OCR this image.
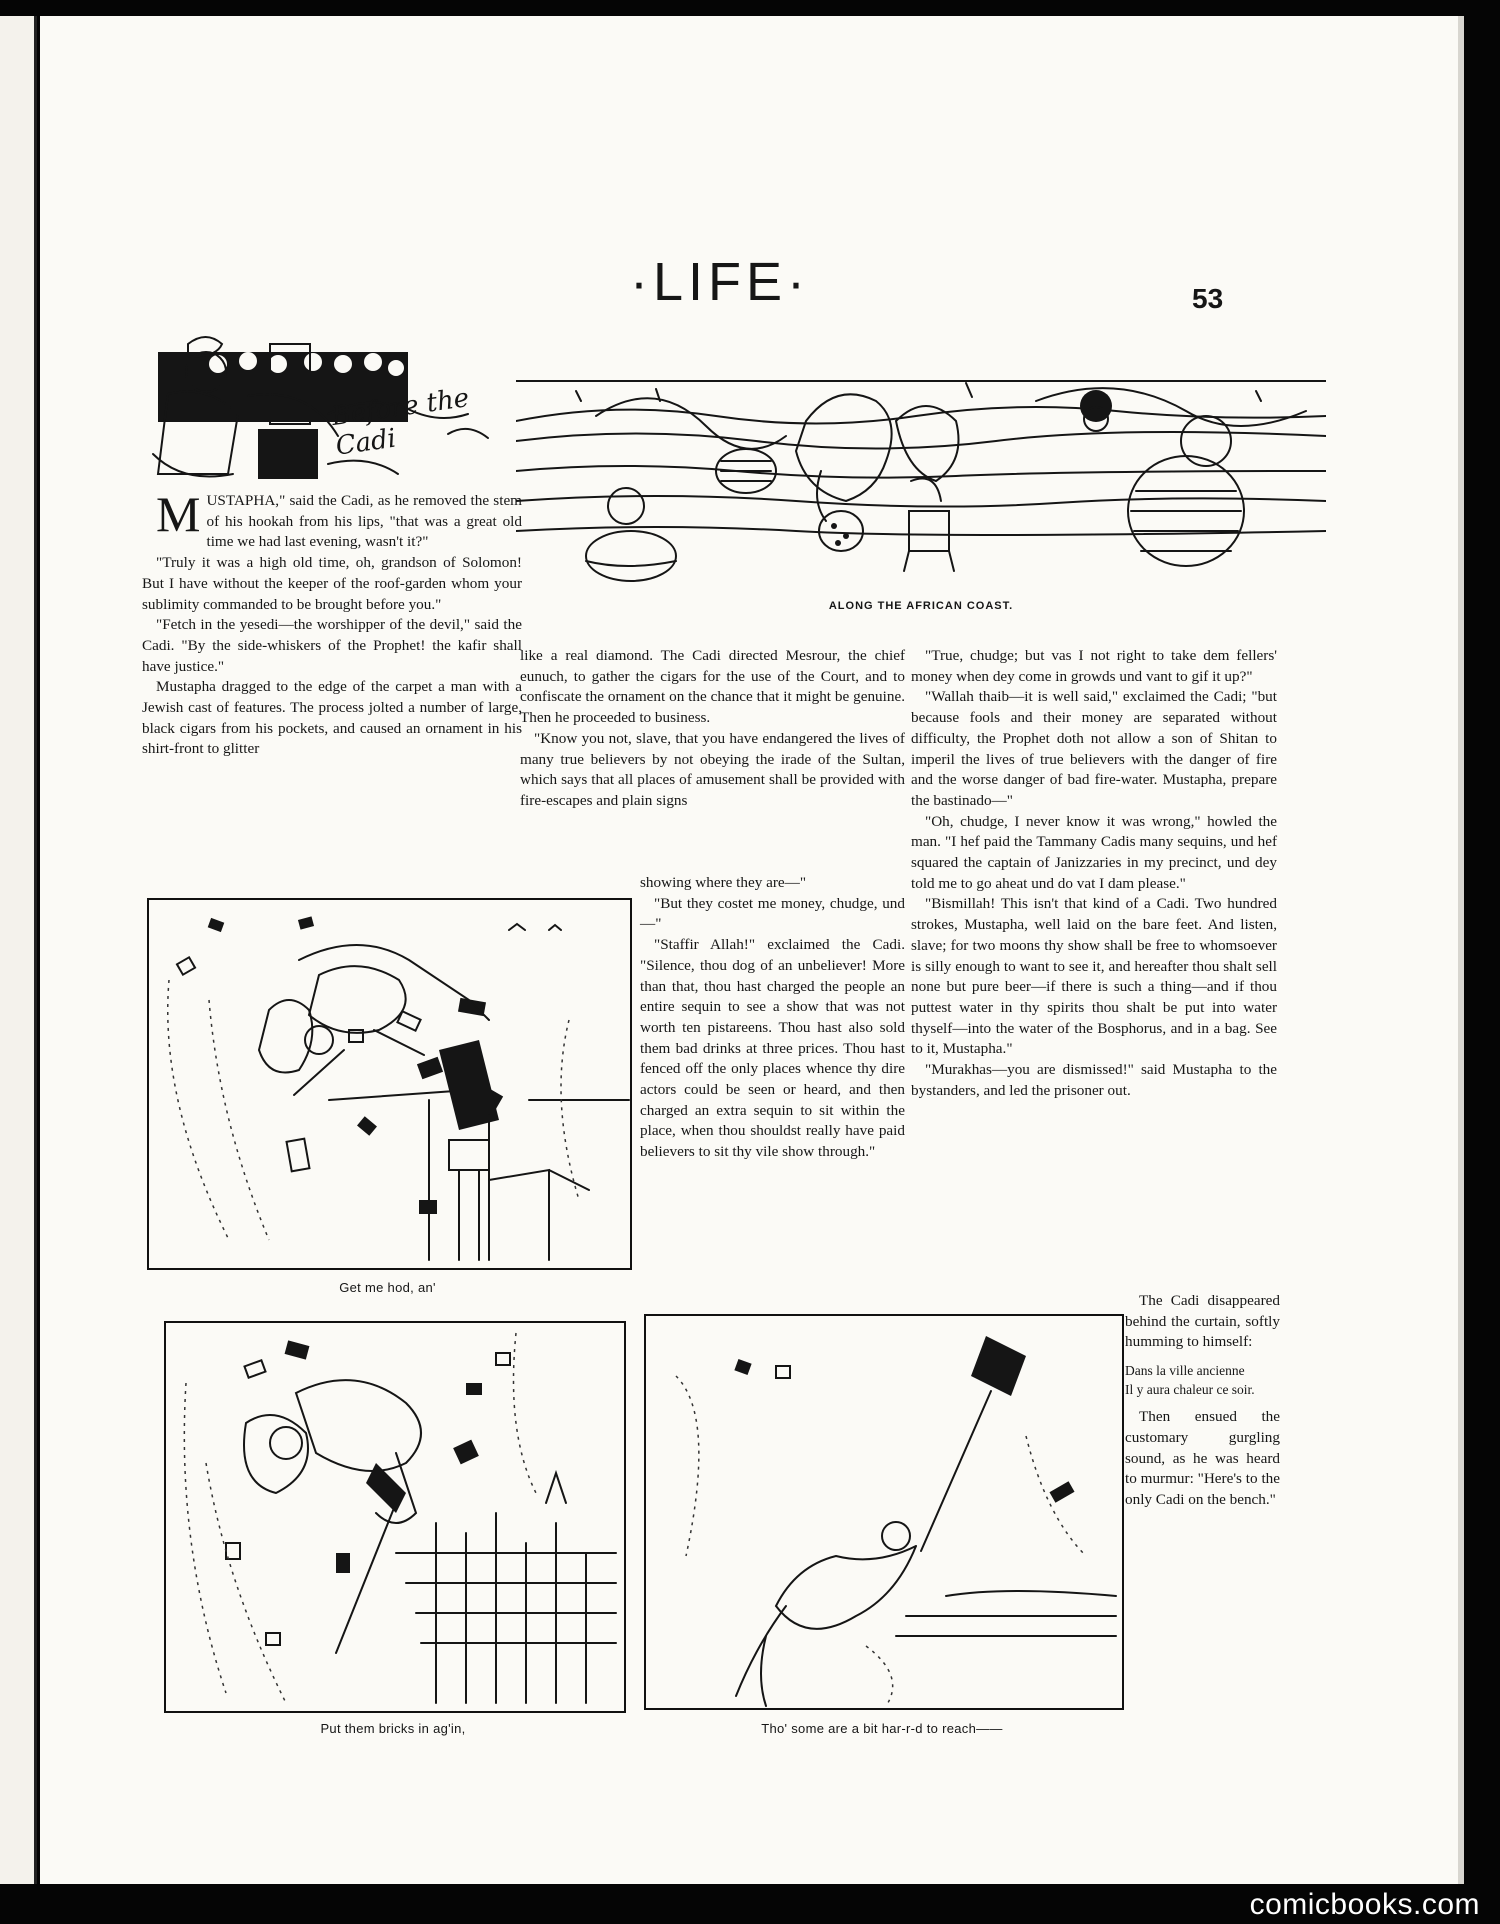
·LIFE·	53
Before the Cadi
M USTAPHA," said the Cadi, as he removed the stem of his hookah from his lips, "that was a great old time we had last evening, wasn't it?"

"Truly it was a high old time, oh, grandson of Solomon! But I have without the keeper of the roof-garden whom your sublimity commanded to be brought before you."

"Fetch in the yesedi—the worshipper of the devil," said the Cadi. "By the side-whiskers of the Prophet! the kafir shall have justice."

Mustapha dragged to the edge of the carpet a man with a Jewish cast of features. The process jolted a number of large, black cigars from his pockets, and caused an ornament in his shirt-front to glitter

ALONG THE AFRICAN COAST.

like a real diamond. The Cadi directed Mesrour, the chief eunuch, to gather the cigars for the use of the Court, and to confiscate the ornament on the chance that it might be genuine. Then he proceeded to business.

"Know you not, slave, that you have endangered the lives of many true believers by not obeying the irade of the Sultan, which says that all places of amusement shall be provided with fire-escapes and plain signs

showing where they are—"

"But they costet me money, chudge, und—"

"Staffir Allah!" exclaimed the Cadi. "Silence, thou dog of an unbeliever! More than that, thou hast charged the people an entire sequin to see a show that was not worth ten pistareens. Thou hast also sold them bad drinks at three prices. Thou hast fenced off the only places whence thy dire actors could be seen or heard, and then charged an extra sequin to sit within the place, when thou shouldst really have paid believers to sit thy vile show through."

"True, chudge; but vas I not right to take dem fellers' money when dey come in growds und vant to gif it up?"

"Wallah thaib—it is well said," exclaimed the Cadi; "but because fools and their money are separated without difficulty, the Prophet doth not allow a son of Shitan to imperil the lives of true believers with the danger of fire and the worse danger of bad fire-water. Mustapha, prepare the bastinado—"

"Oh, chudge, I never know it was wrong," howled the man. "I hef paid the Tammany Cadis many sequins, und hef squared the captain of Janizzaries in my precinct, und dey told me to go aheat und do vat I dam please."

"Bismillah! This isn't that kind of a Cadi. Two hundred strokes, Mustapha, well laid on the bare feet. And listen, slave; for two moons thy show shall be free to whomsoever is silly enough to want to see it, and hereafter thou shalt sell none but pure beer—if there is such a thing—and if thou puttest water in thy spirits thou shalt be put into water thyself—into the water of the Bosphorus, and in a bag. See to it, Mustapha."

"Murakhas—you are dismissed!" said Mustapha to the bystanders, and led the prisoner out.

The Cadi disappeared behind the curtain, softly humming to himself:

Dans la ville ancienne
Il y aura chaleur ce soir.

Then ensued the customary gurgling sound, as he was heard to murmur: "Here's to the only Cadi on the bench."

Get me hod, an'
Put them bricks in ag'in,	Tho' some are a bit har-r-d to reach——
comicbooks.com
